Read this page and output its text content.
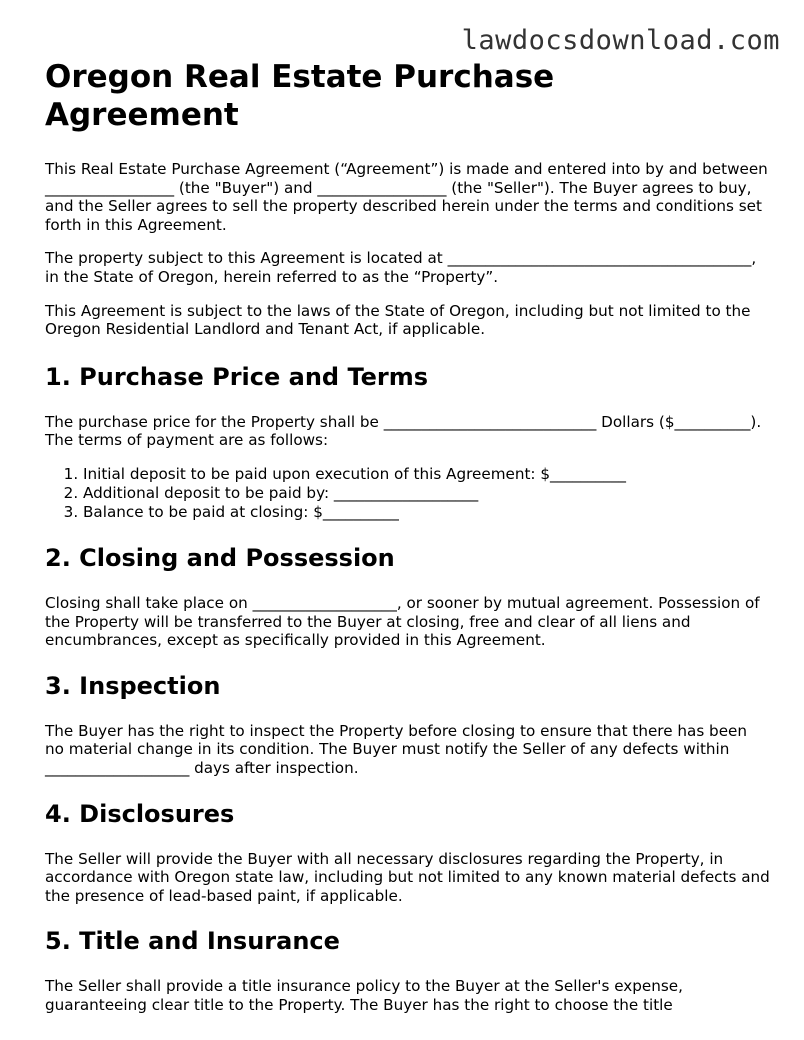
lawdocsdownload.com
Oregon Real Estate Purchase Agreement

This Real Estate Purchase Agreement (“Agreement”) is made and entered into by and between _________________ (the "Buyer") and _________________ (the "Seller"). The Buyer agrees to buy, and the Seller agrees to sell the property described herein under the terms and conditions set forth in this Agreement.

The property subject to this Agreement is located at ________________________________________, in the State of Oregon, herein referred to as the “Property”.

This Agreement is subject to the laws of the State of Oregon, including but not limited to the Oregon Residential Landlord and Tenant Act, if applicable.

1. Purchase Price and Terms

The purchase price for the Property shall be ____________________________ Dollars ($__________). The terms of payment are as follows:

1. Initial deposit to be paid upon execution of this Agreement: $__________
2. Additional deposit to be paid by: ___________________
3. Balance to be paid at closing: $__________
2. Closing and Possession

Closing shall take place on ___________________, or sooner by mutual agreement. Possession of the Property will be transferred to the Buyer at closing, free and clear of all liens and encumbrances, except as specifically provided in this Agreement.

3. Inspection

The Buyer has the right to inspect the Property before closing to ensure that there has been no material change in its condition. The Buyer must notify the Seller of any defects within ___________________ days after inspection.

4. Disclosures

The Seller will provide the Buyer with all necessary disclosures regarding the Property, in accordance with Oregon state law, including but not limited to any known material defects and the presence of lead-based paint, if applicable.

5. Title and Insurance

The Seller shall provide a title insurance policy to the Buyer at the Seller's expense, guaranteeing clear title to the Property. The Buyer has the right to choose the title
